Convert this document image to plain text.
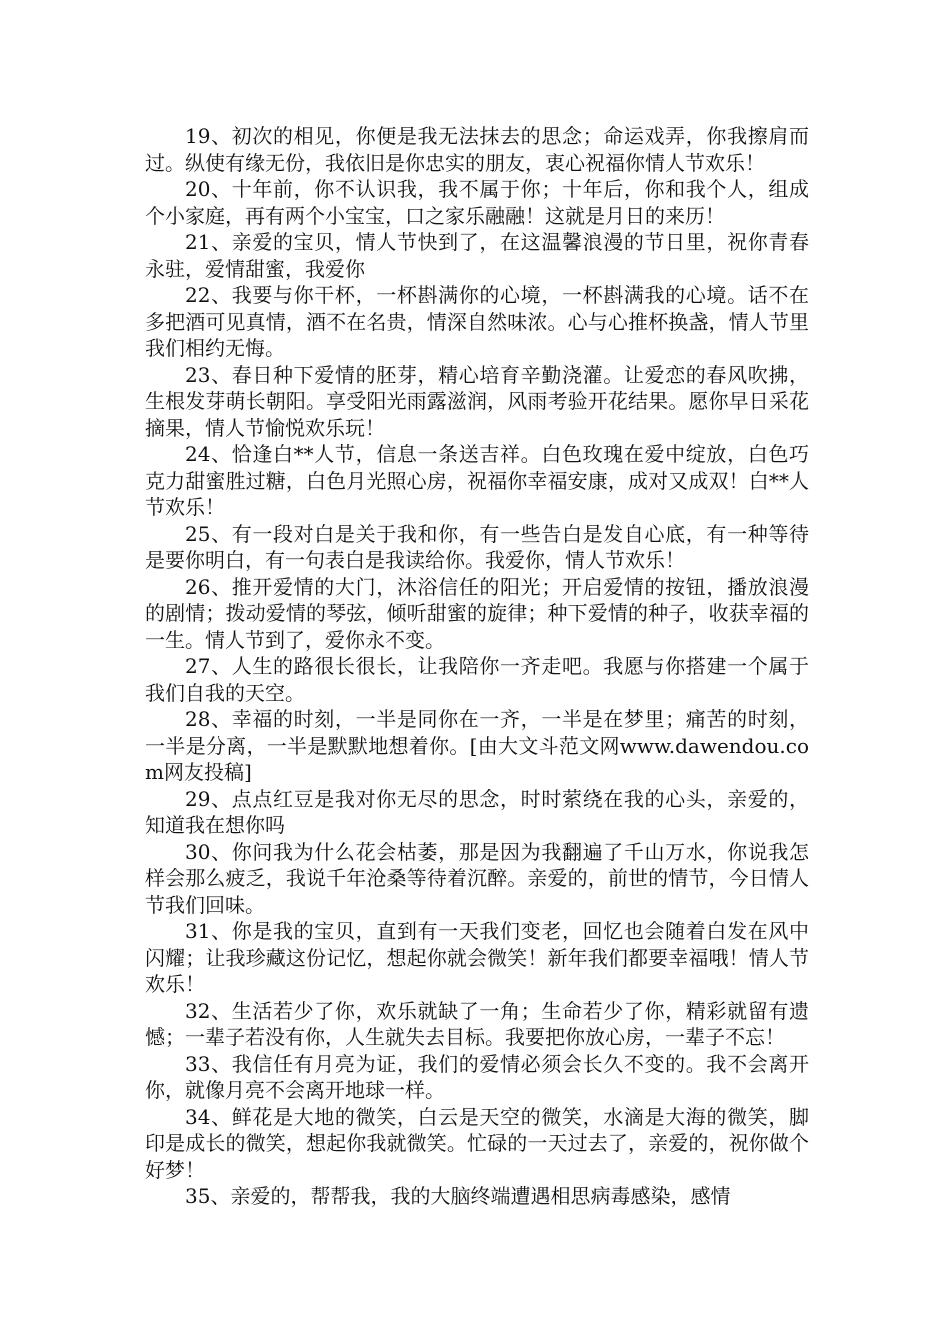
19、初次的相见，你便是我无法抹去的思念；命运戏弄，你我擦肩而过。纵使有缘无份，我依旧是你忠实的朋友，衷心祝福你情人节欢乐！

20、十年前，你不认识我，我不属于你；十年后，你和我个人，组成个小家庭，再有两个小宝宝，口之家乐融融！这就是月日的来历！

21、亲爱的宝贝，情人节快到了，在这温馨浪漫的节日里，祝你青春永驻，爱情甜蜜，我爱你

22、我要与你干杯，一杯斟满你的心境，一杯斟满我的心境。话不在多把酒可见真情，酒不在名贵，情深自然味浓。心与心推杯换盏，情人节里我们相约无悔。

23、春日种下爱情的胚芽，精心培育辛勤浇灌。让爱恋的春风吹拂，生根发芽萌长朝阳。享受阳光雨露滋润，风雨考验开花结果。愿你早日采花摘果，情人节愉悦欢乐玩！

24、恰逢白**人节，信息一条送吉祥。白色玫瑰在爱中绽放，白色巧克力甜蜜胜过糖，白色月光照心房，祝福你幸福安康，成对又成双！白**人节欢乐！

25、有一段对白是关于我和你，有一些告白是发自心底，有一种等待是要你明白，有一句表白是我读给你。我爱你，情人节欢乐！

26、推开爱情的大门，沐浴信任的阳光；开启爱情的按钮，播放浪漫的剧情；拨动爱情的琴弦，倾听甜蜜的旋律；种下爱情的种子，收获幸福的一生。情人节到了，爱你永不变。

27、人生的路很长很长，让我陪你一齐走吧。我愿与你搭建一个属于我们自我的天空。

28、幸福的时刻，一半是同你在一齐，一半是在梦里；痛苦的时刻，一半是分离，一半是默默地想着你。[由大文斗范文网www.dawendou.com网友投稿]

29、点点红豆是我对你无尽的思念，时时萦绕在我的心头，亲爱的，知道我在想你吗

30、你问我为什么花会枯萎，那是因为我翻遍了千山万水，你说我怎样会那么疲乏，我说千年沧桑等待着沉醉。亲爱的，前世的情节，今日情人节我们回味。

31、你是我的宝贝，直到有一天我们变老，回忆也会随着白发在风中闪耀；让我珍藏这份记忆，想起你就会微笑！新年我们都要幸福哦！情人节欢乐！

32、生活若少了你，欢乐就缺了一角；生命若少了你，精彩就留有遗憾；一辈子若没有你，人生就失去目标。我要把你放心房，一辈子不忘！

33、我信任有月亮为证，我们的爱情必须会长久不变的。我不会离开你，就像月亮不会离开地球一样。

34、鲜花是大地的微笑，白云是天空的微笑，水滴是大海的微笑，脚印是成长的微笑，想起你我就微笑。忙碌的一天过去了，亲爱的，祝你做个好梦！

35、亲爱的，帮帮我，我的大脑终端遭遇相思病毒感染，感情
